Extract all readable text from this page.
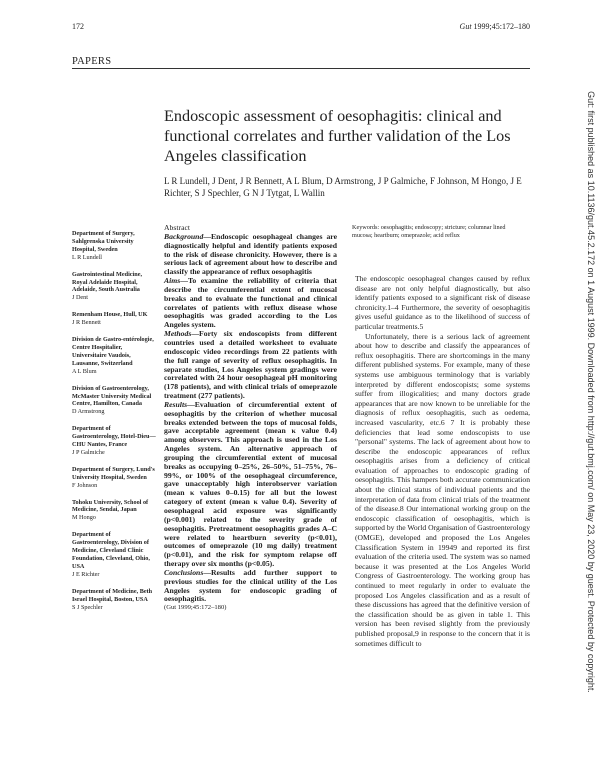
172	Gut 1999;45:172–180
PAPERS
Endoscopic assessment of oesophagitis: clinical and functional correlates and further validation of the Los Angeles classification
L R Lundell, J Dent, J R Bennett, A L Blum, D Armstrong, J P Galmiche, F Johnson, M Hongo, J E Richter, S J Spechler, G N J Tytgat, L Wallin
Department of Surgery, Sahlgrenska University Hospital, Sweden
L R Lundell
Gastrointestinal Medicine, Royal Adelaide Hospital, Adelaide, South Australia
J Dent
Remenham House, Hull, UK
J R Bennett
Division de Gastro-entérologie, Centre Hospitalier, Universitaire Vaudois, Lausanne, Switzerland
A L Blum
Division of Gastroenterology, McMaster University Medical Centre, Hamilton, Canada
D Armstrong
Department of Gastroenterology, Hotel-Dieu—CHU Nantes, France
J P Galmiche
Department of Surgery, Lund's University Hospital, Sweden
F Johnson
Tohoku University, School of Medicine, Sendai, Japan
M Hongo
Department of Gastroenterology, Division of Medicine, Cleveland Clinic Foundation, Cleveland, Ohio, USA
J E Richter
Department of Medicine, Beth Israel Hospital, Boston, USA
S J Spechler
Abstract
Background—Endoscopic oesophageal changes are diagnostically helpful and identify patients exposed to the risk of disease chronicity. However, there is a serious lack of agreement about how to describe and classify the appearance of reflux oesophagitis
Aims—To examine the reliability of criteria that describe the circumferential extent of mucosal breaks and to evaluate the functional and clinical correlates of patients with reflux disease whose oesophagitis was graded according to the Los Angeles system.
Methods—Forty six endoscopists from different countries used a detailed worksheet to evaluate endoscopic video recordings from 22 patients with the full range of severity of reflux oesophagitis. In separate studies, Los Angeles system gradings were correlated with 24 hour oesophageal pH monitoring (178 patients), and with clinical trials of omeprazole treatment (277 patients).
Results—Evaluation of circumferential extent of oesophagitis by the criterion of whether mucosal breaks extended between the tops of mucosal folds, gave acceptable agreement (mean κ value 0.4) among observers. This approach is used in the Los Angeles system. An alternative approach of grouping the circumferential extent of mucosal breaks as occupying 0–25%, 26–50%, 51–75%, 76–99%, or 100% of the oesophageal circumference, gave unacceptably high interobserver variation (mean κ values 0–0.15) for all but the lowest category of extent (mean κ value 0.4). Severity of oesophageal acid exposure was significantly (p<0.001) related to the severity grade of oesophagitis. Pretreatment oesophagitis grades A–C were related to heartburn severity (p<0.01), outcomes of omeprazole (10 mg daily) treatment (p<0.01), and the risk for symptom relapse off therapy over six months (p<0.05).
Conclusions—Results add further support to previous studies for the clinical utility of the Los Angeles system for endoscopic grading of oesophagitis.
(Gut 1999;45:172–180)
Keywords: oesophagitis; endoscopy; stricture; columnar lined mucosa; heartburn; omeprazole; acid reflux

The endoscopic oesophageal changes caused by reflux disease are not only helpful diagnostically, but also identify patients exposed to a significant risk of disease chronicity.1–4 Furthermore, the severity of oesophagitis gives useful guidance as to the likelihood of success of particular treatments.5

Unfortunately, there is a serious lack of agreement about how to describe and classify the appearances of reflux oesophagitis. There are shortcomings in the many different published systems. For example, many of these systems use ambiguous terminology that is variably interpreted by different endoscopists; some systems suffer from illogicalities; and many doctors grade appearances that are now known to be unreliable for the diagnosis of reflux oesophagitis, such as oedema, increased vascularity, etc.6 7 It is probably these deficiencies that lead some endoscopists to use "personal" systems. The lack of agreement about how to describe the endoscopic appearances of reflux oesophagitis arises from a deficiency of critical evaluation of approaches to endoscopic grading of oesophagitis. This hampers both accurate communication about the clinical status of individual patients and the interpretation of data from clinical trials of the treatment of the disease.8 Our international working group on the endoscopic classification of oesophagitis, which is supported by the World Organisation of Gastroenterology (OMGE), developed and proposed the Los Angeles Classification System in 19949 and reported its first evaluation of the criteria used. The system was so named because it was presented at the Los Angeles World Congress of Gastroenterology. The working group has continued to meet regularly in order to evaluate the proposed Los Angeles classification and as a result of these discussions has agreed that the definitive version of the classification should be as given in table 1. This version has been revised slightly from the previously published proposal,9 in response to the concern that it is sometimes difficult to	Gut: first published as 10.1136/gut.45.2.172 on 1 August 1999. Downloaded from http://gut.bmj.com/ on May 23, 2020 by guest. Protected by copyright.
